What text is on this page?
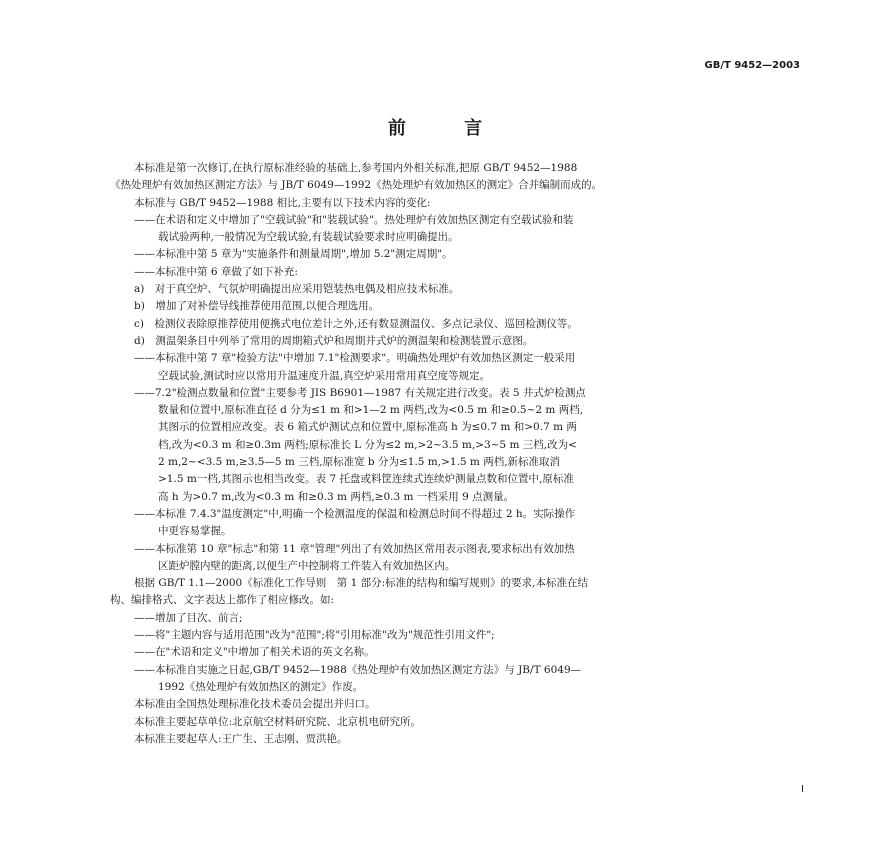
GB/T 9452—2003
前 言
本标准是第一次修订,在执行原标准经验的基础上,参考国内外相关标准,把原 GB/T 9452—1988
《热处理炉有效加热区测定方法》与 JB/T 6049—1992《热处理炉有效加热区的测定》合并编制而成的。
本标准与 GB/T 9452—1988 相比,主要有以下技术内容的变化:
——在术语和定义中增加了"空载试验"和"装载试验"。热处理炉有效加热区测定有空载试验和装
载试验两种,一般情况为空载试验,有装载试验要求时应明确提出。
——本标准中第 5 章为"实施条件和测量周期",增加 5.2"测定周期"。
——本标准中第 6 章做了如下补充:
a)　对于真空炉、气氛炉明确提出应采用铠装热电偶及相应技术标准。
b)　增加了对补偿导线推荐使用范围,以便合理选用。
c)　检测仪表除原推荐使用便携式电位差计之外,还有数显测温仪、多点记录仪、巡回检测仪等。
d)　测温架条目中列举了常用的周期箱式炉和周期井式炉的测温架和检测装置示意图。
——本标准中第 7 章"检验方法"中增加 7.1"检测要求"。明确热处理炉有效加热区测定一般采用
空载试验,测试时应以常用升温速度升温,真空炉采用常用真空度等规定。
——7.2"检测点数量和位置"主要参考 JIS B6901—1987 有关规定进行改变。表 5 井式炉检测点
数量和位置中,原标准直径 d 分为≤1 m 和>1—2 m 两档,改为<0.5 m 和≥0.5~2 m 两档,
其图示的位置相应改变。表 6 箱式炉测试点和位置中,原标准高 h 为≤0.7 m 和>0.7 m 两
档,改为<0.3 m 和≥0.3m 两档;原标准长 L 分为≤2 m,>2~3.5 m,>3~5 m 三档,改为<
2 m,2~<3.5 m,≥3.5—5 m 三档,原标准宽 b 分为≤1.5 m,>1.5 m 两档,新标准取消
>1.5 m一档,其图示也相当改变。表 7 托盘或料筐连续式连续炉测量点数和位置中,原标准
高 h 为>0.7 m,改为<0.3 m 和≥0.3 m 两档,≥0.3 m 一档采用 9 点测量。
——本标准 7.4.3"温度测定"中,明确一个检测温度的保温和检测总时间不得超过 2 h。实际操作
中更容易掌握。
——本标准第 10 章"标志"和第 11 章"管理"列出了有效加热区常用表示图表,要求标出有效加热
区距炉膛内壁的距离,以便生产中控制将工件装入有效加热区内。
根据 GB/T 1.1—2000《标准化工作导则　第 1 部分:标准的结构和编写规则》的要求,本标准在结
构、编排格式、文字表达上都作了相应修改。如:
——增加了目次、前言;
——将"主题内容与适用范围"改为"范围";将"引用标准"改为"规范性引用文件";
——在"术语和定义"中增加了相关术语的英文名称。
——本标准自实施之日起,GB/T 9452—1988《热处理炉有效加热区测定方法》与 JB/T 6049—
1992《热处理炉有效加热区的测定》作废。
本标准由全国热处理标准化技术委员会提出并归口。
本标准主要起草单位:北京航空材料研究院、北京机电研究所。
本标准主要起草人:王广生、王志刚、贾洪艳。
I
